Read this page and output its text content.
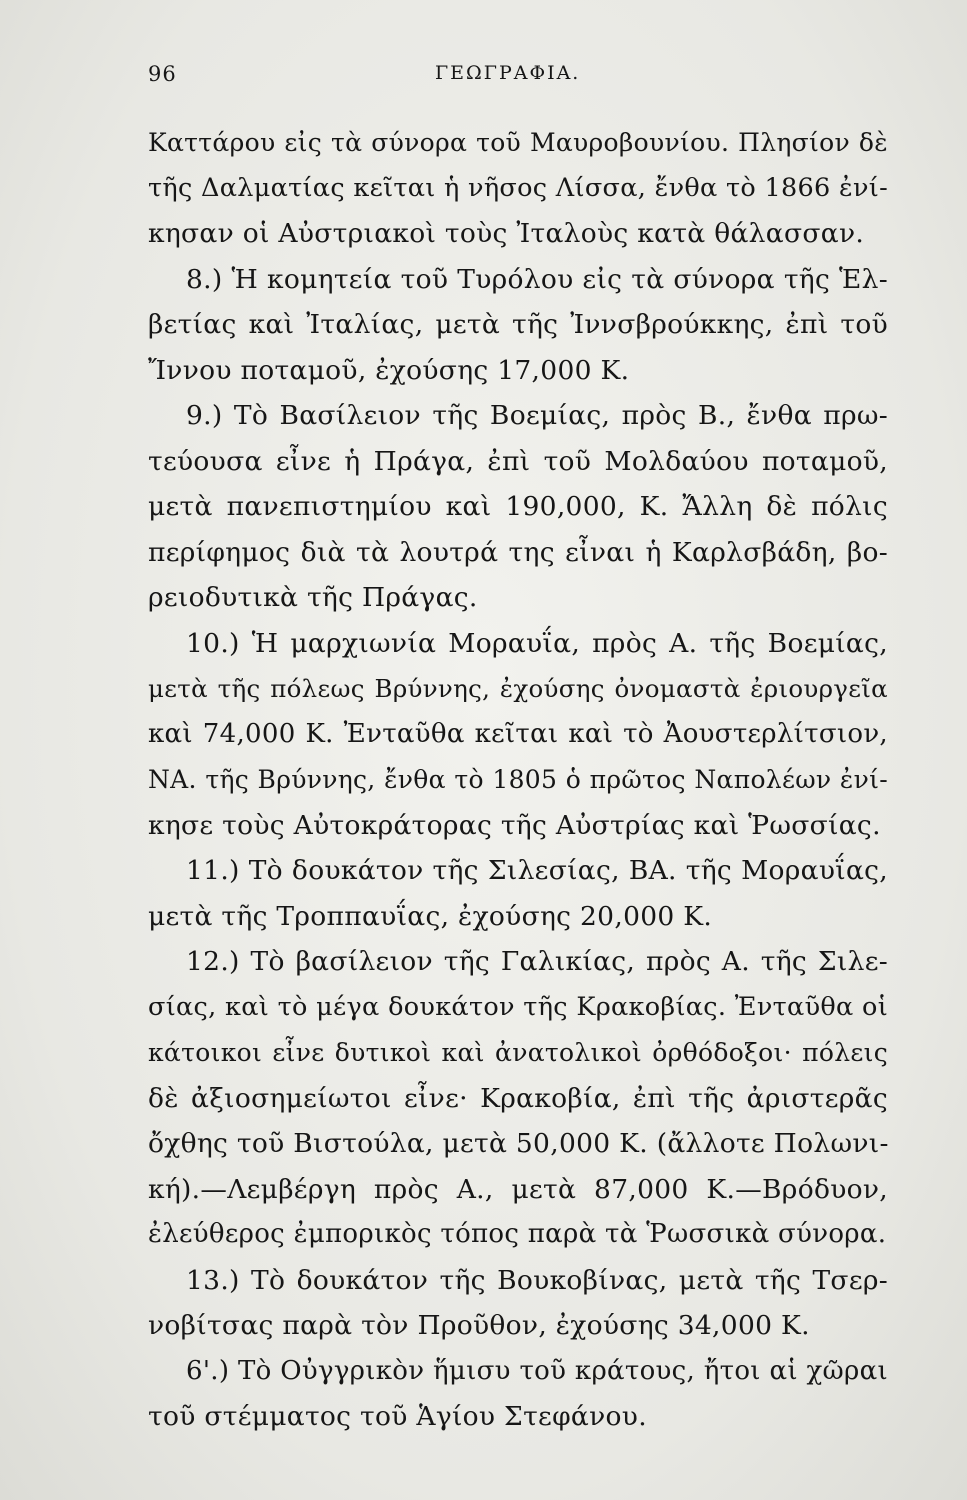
96	ΓΕΩΓΡΑΦΙΑ.
Καττάρου εἰς τὰ σύνορα τοῦ Μαυροβουνίου. Πλησίον δὲ
τῆς Δαλματίας κεῖται ἡ νῆσος Λίσσα, ἔνθα τὸ 1866 ἐνί-
κησαν οἱ Αὐστριακοὶ τοὺς Ἰταλοὺς κατὰ θάλασσαν.
8.) Ἡ κομητεία τοῦ Τυρόλου εἰς τὰ σύνορα τῆς Ἑλ-
βετίας καὶ Ἰταλίας, μετὰ τῆς Ἰννσβρούκκης, ἐπὶ τοῦ
Ἴννου ποταμοῦ, ἐχούσης 17,000 Κ.
9.) Τὸ Βασίλειον τῆς Βοεμίας, πρὸς Β., ἔνθα πρω-
τεύουσα εἶνε ἡ Πράγα, ἐπὶ τοῦ Μολδαύου ποταμοῦ,
μετὰ πανεπιστημίου καὶ 190,000, Κ. Ἄλλη δὲ πόλις
περίφημος διὰ τὰ λουτρά της εἶναι ἡ Καρλσβάδη, βο-
ρειοδυτικὰ τῆς Πράγας.
10.) Ἡ μαρχιωνία Μοραυΐα, πρὸς Α. τῆς Βοεμίας,
μετὰ τῆς πόλεως Βρύννης, ἐχούσης ὀνομαστὰ ἐριουργεῖα
καὶ 74,000 Κ. Ἐνταῦθα κεῖται καὶ τὸ Ἀουστερλίτσιον,
ΝΑ. τῆς Βρύννης, ἔνθα τὸ 1805 ὁ πρῶτος Ναπολέων ἐνί-
κησε τοὺς Αὐτοκράτορας τῆς Αὐστρίας καὶ Ῥωσσίας.
11.) Τὸ δουκάτον τῆς Σιλεσίας, ΒΑ. τῆς Μοραυΐας,
μετὰ τῆς Τροππαυΐας, ἐχούσης 20,000 Κ.
12.) Τὸ βασίλειον τῆς Γαλικίας, πρὸς Α. τῆς Σιλε-
σίας, καὶ τὸ μέγα δουκάτον τῆς Κρακοβίας. Ἐνταῦθα οἱ
κάτοικοι εἶνε δυτικοὶ καὶ ἀνατολικοὶ ὀρθόδοξοι· πόλεις
δὲ ἀξιοσημείωτοι εἶνε· Κρακοβία, ἐπὶ τῆς ἀριστερᾶς
ὄχθης τοῦ Βιστούλα, μετὰ 50,000 Κ. (ἄλλοτε Πολωνι-
κή).—Λεμβέργη πρὸς Α., μετὰ 87,000 Κ.—Βρόδυον,
ἐλεύθερος ἐμπορικὸς τόπος παρὰ τὰ Ῥωσσικὰ σύνορα.
13.) Τὸ δουκάτον τῆς Βουκοβίνας, μετὰ τῆς Τσερ-
νοβίτσας παρὰ τὸν Προῦθον, ἐχούσης 34,000 Κ.
6'.) Τὸ Οὐγγρικὸν ἥμισυ τοῦ κράτους, ἤτοι αἱ χῶραι
τοῦ στέμματος τοῦ Ἁγίου Στεφάνου.
